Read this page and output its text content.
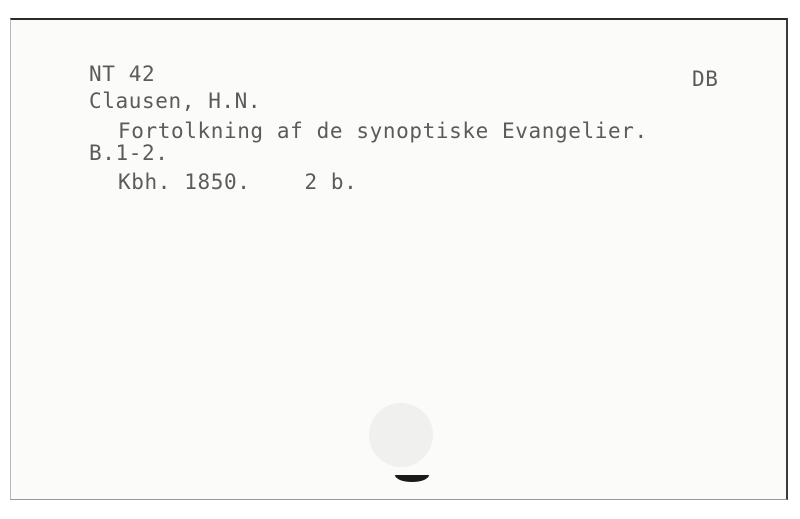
NT 42	DB
Clausen, H.N.
Fortolkning af de synoptiske Evangelier.
B.1-2.
Kbh. 1850.	2 b.
